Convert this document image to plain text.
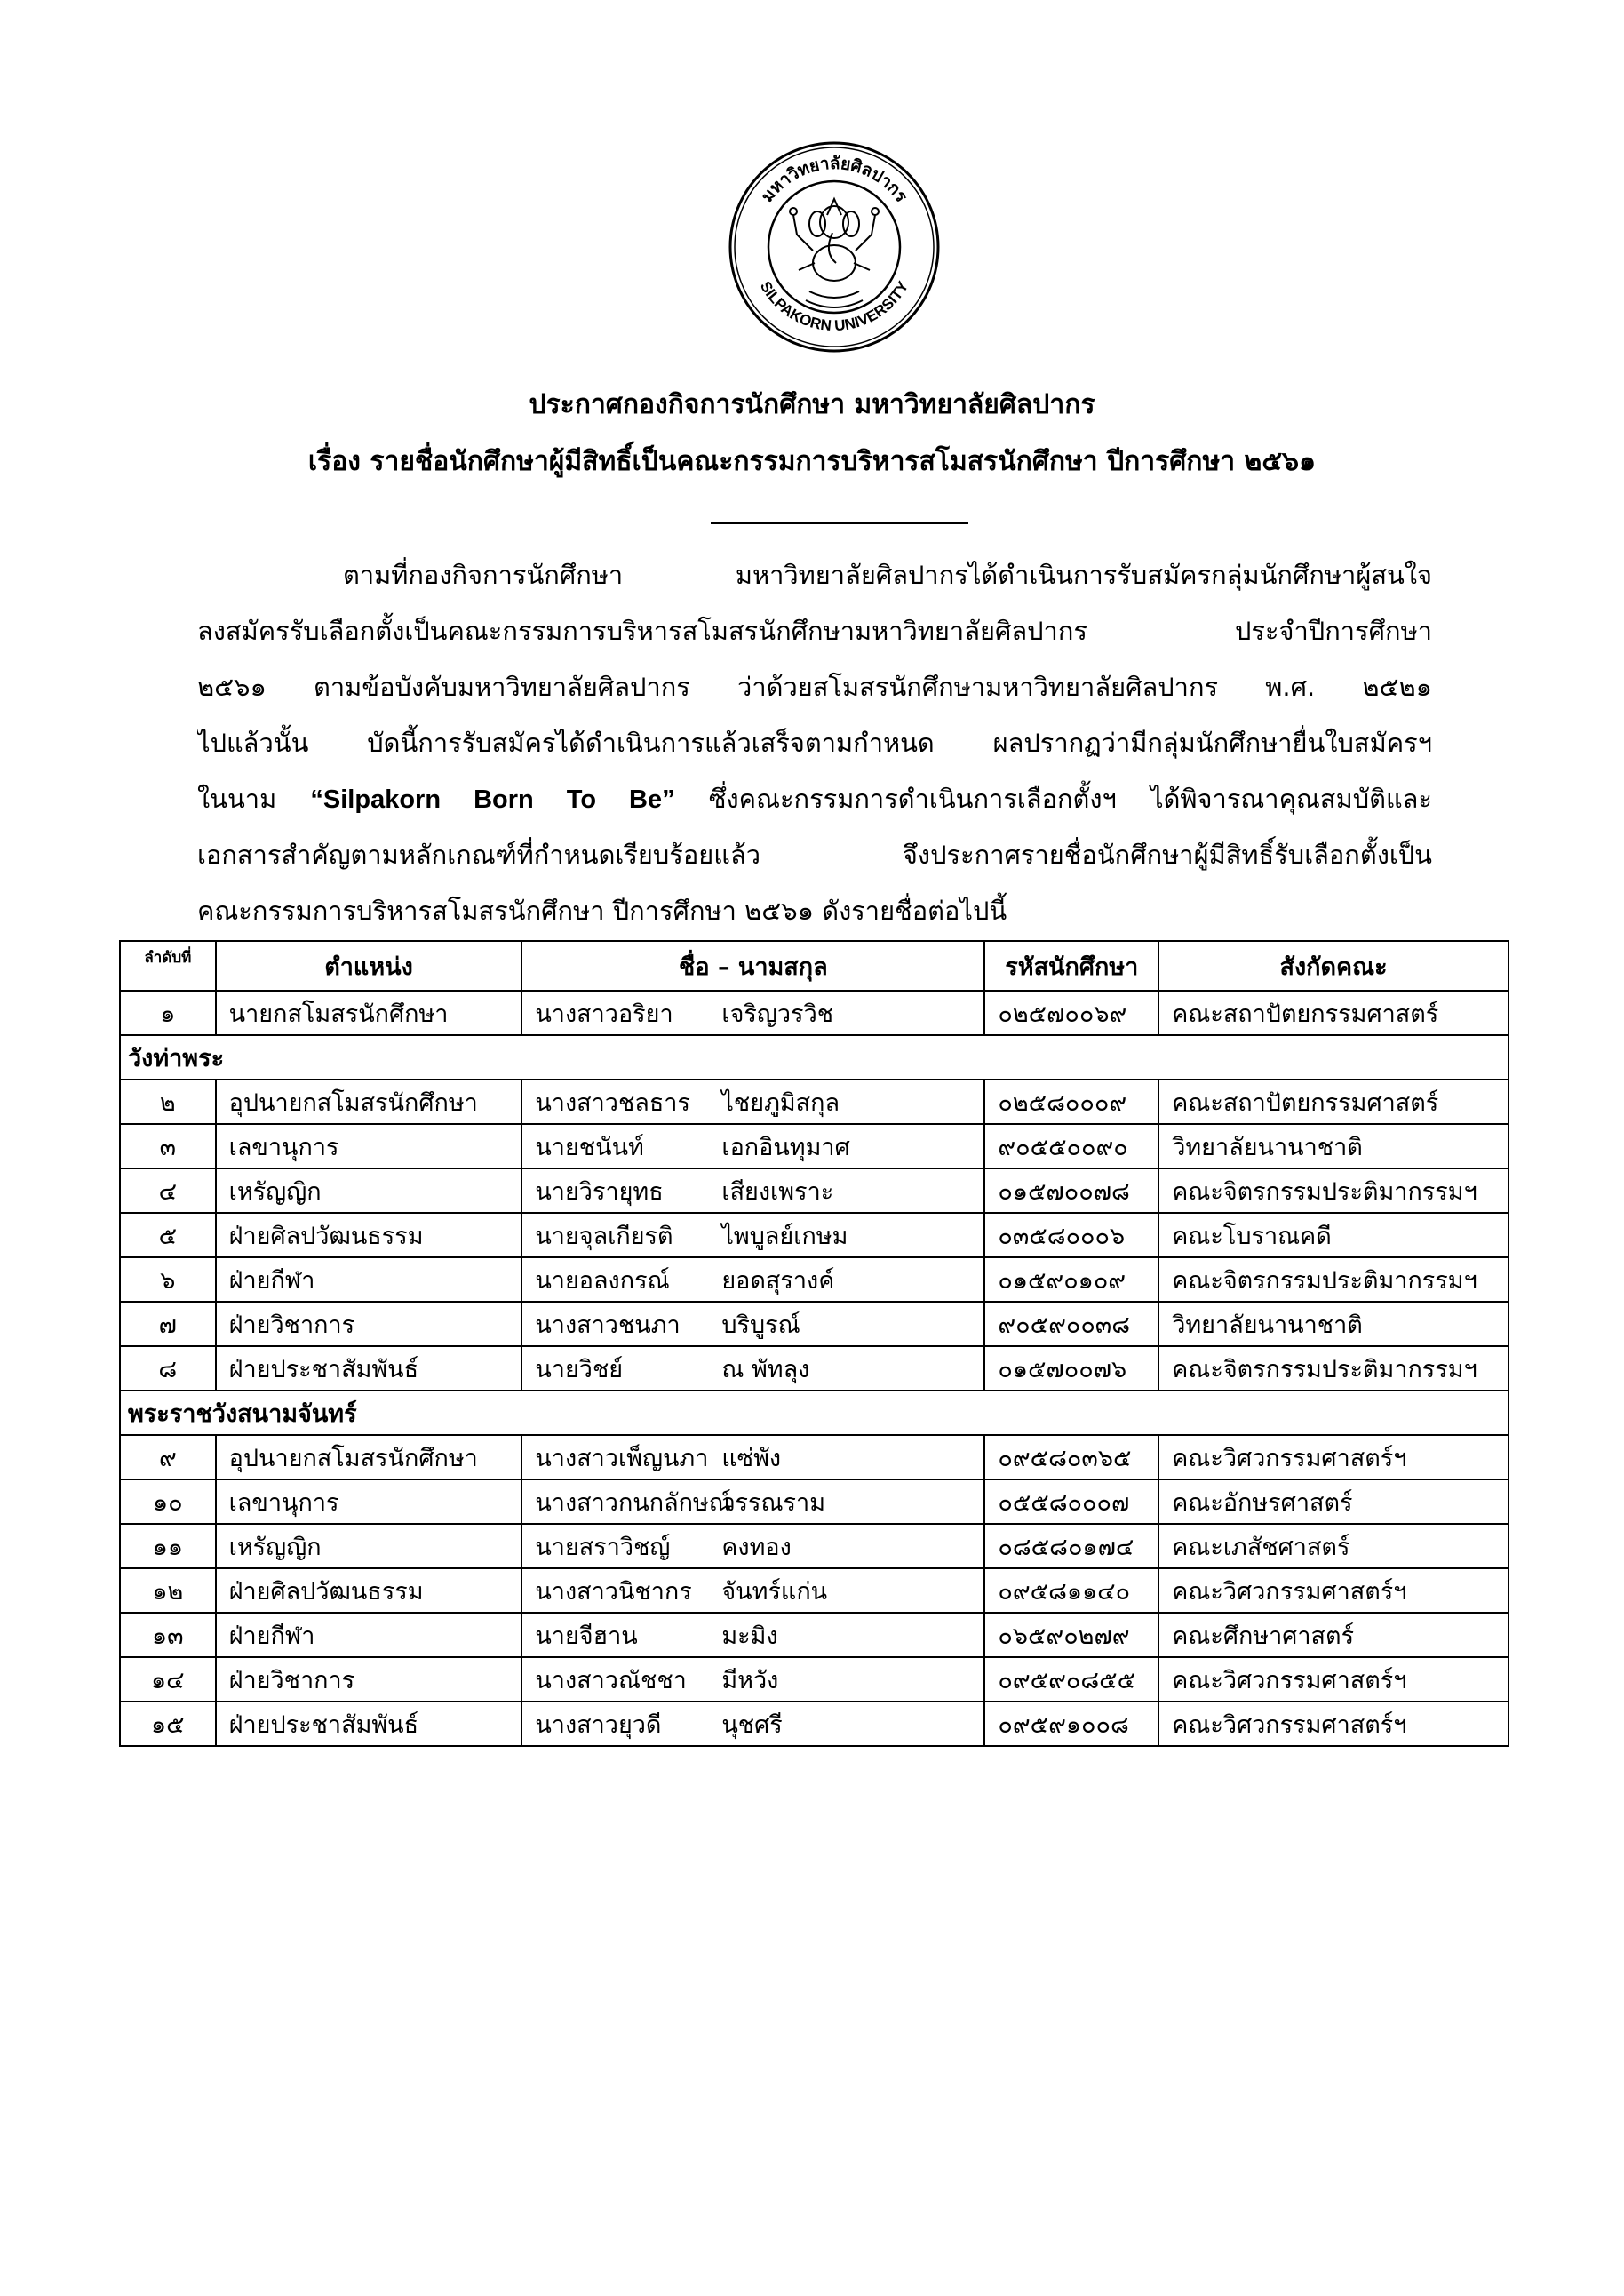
มหาวิทยาลัยศิลปากร
SILPAKORN UNIVERSITY
ประกาศกองกิจการนักศึกษา มหาวิทยาลัยศิลปากร
เรื่อง รายชื่อนักศึกษาผู้มีสิทธิ์เป็นคณะกรรมการบริหารสโมสรนักศึกษา ปีการศึกษา ๒๕๖๑
ตามที่กองกิจการนักศึกษา มหาวิทยาลัยศิลปากรได้ดำเนินการรับสมัครกลุ่มนักศึกษาผู้สนใจ
ลงสมัครรับเลือกตั้งเป็นคณะกรรมการบริหารสโมสรนักศึกษามหาวิทยาลัยศิลปากร ประจำปีการศึกษา
๒๕๖๑ ตามข้อบังคับมหาวิทยาลัยศิลปากร ว่าด้วยสโมสรนักศึกษามหาวิทยาลัยศิลปากร พ.ศ. ๒๕๒๑
ไปแล้วนั้น บัดนี้การรับสมัครได้ดำเนินการแล้วเสร็จตามกำหนด ผลปรากฏว่ามีกลุ่มนักศึกษายื่นใบสมัครฯ
ในนาม “Silpakorn Born To Be” ซึ่งคณะกรรมการดำเนินการเลือกตั้งฯ ได้พิจารณาคุณสมบัติและ
เอกสารสำคัญตามหลักเกณฑ์ที่กำหนดเรียบร้อยแล้ว จึงประกาศรายชื่อนักศึกษาผู้มีสิทธิ์รับเลือกตั้งเป็น
คณะกรรมการบริหารสโมสรนักศึกษา ปีการศึกษา ๒๕๖๑ ดังรายชื่อต่อไปนี้
ลำดับที่	ตำแหน่ง	ชื่อ – นามสกุล	รหัสนักศึกษา	สังกัดคณะ
๑	นายกสโมสรนักศึกษา	นางสาวอริยา เจริญวรวิช	๐๒๕๗๐๐๖๙	คณะสถาปัตยกรรมศาสตร์
วังท่าพระ				
๒	อุปนายกสโมสรนักศึกษา	นางสาวชลธาร ไชยภูมิสกุล	๐๒๕๘๐๐๐๙	คณะสถาปัตยกรรมศาสตร์
๓	เลขานุการ	นายชนันท์ เอกอินทุมาศ	๙๐๕๕๐๐๙๐	วิทยาลัยนานาชาติ
๔	เหรัญญิก	นายวิรายุทธ เสียงเพราะ	๐๑๕๗๐๐๗๘	คณะจิตรกรรมประติมากรรมฯ
๕	ฝ่ายศิลปวัฒนธรรม	นายจุลเกียรติ ไพบูลย์เกษม	๐๓๕๘๐๐๐๖	คณะโบราณคดี
๖	ฝ่ายกีฬา	นายอลงกรณ์ ยอดสุรางค์	๐๑๕๙๐๑๐๙	คณะจิตรกรรมประติมากรรมฯ
๗	ฝ่ายวิชาการ	นางสาวชนภา บริบูรณ์	๙๐๕๙๐๐๓๘	วิทยาลัยนานาชาติ
๘	ฝ่ายประชาสัมพันธ์	นายวิชย์ ณ พัทลุง	๐๑๕๗๐๐๗๖	คณะจิตรกรรมประติมากรรมฯ
พระราชวังสนามจันทร์				
๙	อุปนายกสโมสรนักศึกษา	นางสาวเพ็ญนภา แซ่พัง	๐๙๕๘๐๓๖๕	คณะวิศวกรรมศาสตร์ฯ
๑๐	เลขานุการ	นางสาวกนกลักษณ์วรรณราม	๐๕๕๘๐๐๐๗	คณะอักษรศาสตร์
๑๑	เหรัญญิก	นายสราวิชญ์ คงทอง	๐๘๕๘๐๑๗๔	คณะเภสัชศาสตร์
๑๒	ฝ่ายศิลปวัฒนธรรม	นางสาวนิชากร จันทร์แก่น	๐๙๕๘๑๑๔๐	คณะวิศวกรรมศาสตร์ฯ
๑๓	ฝ่ายกีฬา	นายจีฮาน มะมิง	๐๖๕๙๐๒๗๙	คณะศึกษาศาสตร์
๑๔	ฝ่ายวิชาการ	นางสาวณัชชา มีหวัง	๐๙๕๙๐๘๕๕	คณะวิศวกรรมศาสตร์ฯ
๑๕	ฝ่ายประชาสัมพันธ์	นางสาวยุวดี นุชศรี	๐๙๕๙๑๐๐๘	คณะวิศวกรรมศาสตร์ฯ
